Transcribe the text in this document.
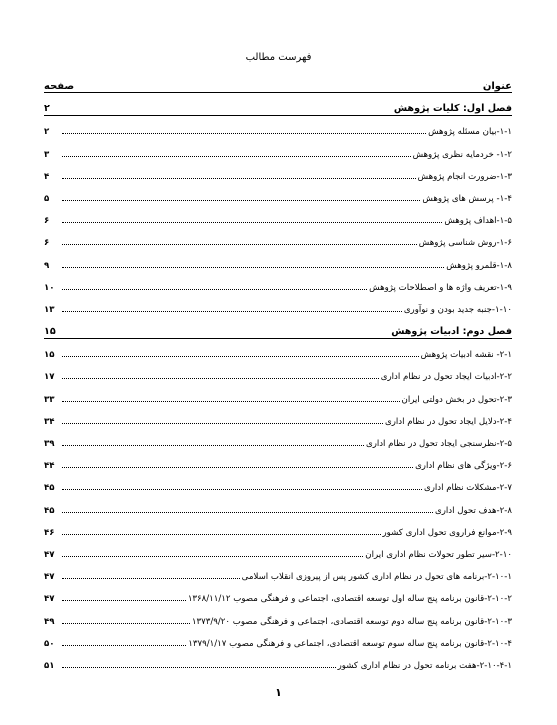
فهرست مطالب
عنوان
صفحه
فصل اول: کلیات پژوهش
۲
۱-۱-بیان مسئله پژوهش
۲
۱-۲- خردمایه نظری پژوهش
۳
۱-۳-ضرورت انجام پژوهش
۴
۱-۴- پرسش های پژوهش
۵
۱-۵-اهداف پژوهش
۶
۱-۶-روش شناسی پژوهش
۶
۱-۸-قلمرو پژوهش
۹
۱-۹-تعریف واژه ها و اصطلاحات پژوهش
۱۰
۱-۱۰-جنبه جدید بودن و نوآوری
۱۳
فصل دوم: ادبیات پژوهش
۱۵
۲-۱- نقشه ادبیات پژوهش
۱۵
۲-۲-ادبیات ایجاد تحول در نظام اداری
۱۷
۲-۳-تحول در بخش دولتی ایران
۳۳
۲-۴-دلایل ایجاد تحول در نظام اداری
۳۴
۲-۵-نظرسنجی ایجاد تحول در نظام اداری
۳۹
۲-۶-ویژگی های نظام اداری
۴۴
۲-۷-مشکلات نظام اداری
۴۵
۲-۸-هدف تحول اداری
۴۵
۲-۹-موانع فراروی تحول اداری کشور
۴۶
۲-۱۰-سیر تطور تحولات نظام اداری ایران
۴۷
۲-۱۰-۱-برنامه های تحول در نظام اداری کشور پس از پیروزی انقلاب اسلامی
۴۷
۲-۱۰-۲-قانون برنامه پنج ساله اول توسعه اقتصادی، اجتماعی و فرهنگی مصوب ۱۳۶۸/۱۱/۱۲
۴۷
۲-۱۰-۳-قانون برنامه پنج ساله دوم توسعه اقتصادی، اجتماعی و فرهنگی مصوب ۱۳۷۳/۹/۲۰
۴۹
۲-۱۰-۴-قانون برنامه پنج ساله سوم توسعه اقتصادی، اجتماعی و فرهنگی مصوب ۱۳۷۹/۱/۱۷
۵۰
۲-۱۰-۴-۱-هفت برنامه تحول در نظام اداری کشور
۵۱
۱
